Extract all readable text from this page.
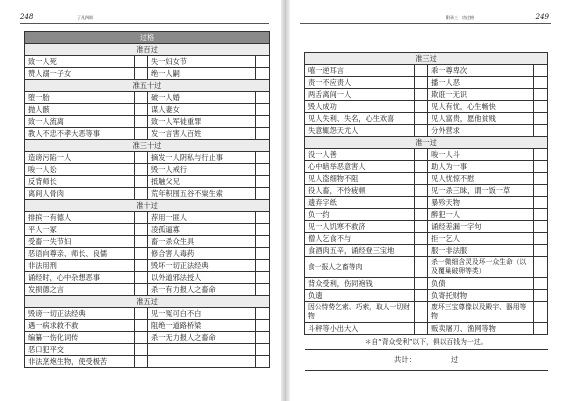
248	了凡四训	附录三　功过格	249
过格			
准百过			
致一人死		失一妇女节	
赞人溺一子女		绝一人嗣	
准五十过			
堕一胎		破一人婚	
抛人骸		谋人妻女	
致一人流离		致一人军徒重罪	
教人不忠不孝大恶等事		发一言害人百姓	
准三十过			
造谤污陷一人		摘发一人阴私与行止事	
唆一人讼		毁一人戒行	
反背师长		抵触父兄	
离间人骨肉		荒年积囤五谷不粜生索	
准十过			
排摈一有德人		荐用一匪人	
平人一冢		凌孤逼寡	
受畜一失节妇		畜一杀众生具	
恶语向尊亲、师长、良儒		修合害人毒药	
非法用刑		毁坏一切正法经典	
诵经时，心中杂想恶事		以外道邪法授人	
发损德之言		杀一有力报人之畜命	
准五过			
毁谤一切正法经典		见一冤可白不白	
遇一病求救不救		阻绝一道路桥梁	
编纂一伤化词传		杀一无力报人之畜命	
恶口犯平交			
非法烹炮生物，使受极苦			
准三过			
嘻一逆耳言		乖一尊卑次	
责一不应责人		播一人恶	
两舌离间一人		欺诳一无识	
毁人成功		见人有忧，心生畅快	
见人失利、失名，心生欢喜		见人富贵，愿他贫贱	
失意辄怨天尤人		分外营求	
准一过			
没一人善		唆一人斗	
心中暗举恶意害人		助人为一事	
见人盗细物不阻		见人忧惊不慰	
役人畜，不怜疲顿		见一杀三昧，谓一饭一草	
遗弃字纸		暴殄天物	
负一约		醉犯一人	
见一人饥寒不救济		诵经差漏一字句	
僧人乞食不与		拒一乞人	
食酒肉五辛，诵经登三宝地		服一非法服	
食一报人之畜等肉		杀一微细含灵及坏一众生命（以及覆巢破卵等类）	
背众受利，伤同袍钱		负债	
负遗		负寄托财物	
因公恃势乞索、巧索，取人一切财物		废坏三宝尊像以及殿宇、器用等物	
斗秤等小出大入		贩卖屠刀、渔网等物	
＊自“背众受利”以下，俱以百钱为一过。			
共计： 过			
